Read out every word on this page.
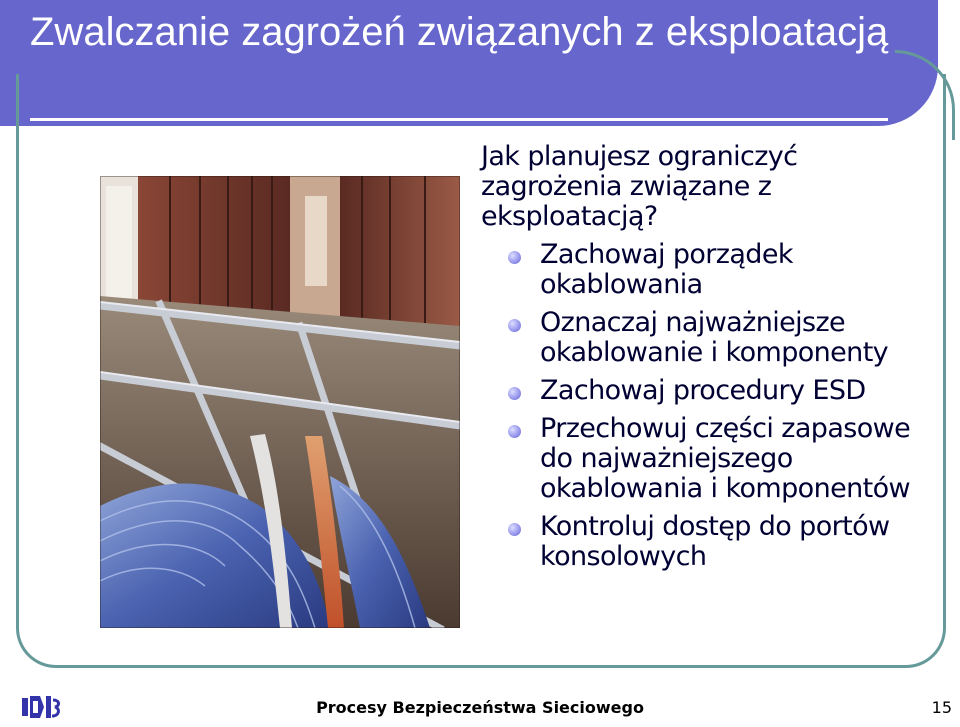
Zwalczanie zagrożeń związanych z eksploatacją

Jak planujesz ograniczyć zagrożenia związane z eksploatacją?

Zachowaj porządek okablowania
Oznaczaj najważniejsze okablowanie i komponenty
Zachowaj procedury ESD
Przechowuj części zapasowe do najważniejszego okablowania i komponentów
Kontroluj dostęp do portów konsolowych
Procesy Bezpieczeństwa Sieciowego	15
